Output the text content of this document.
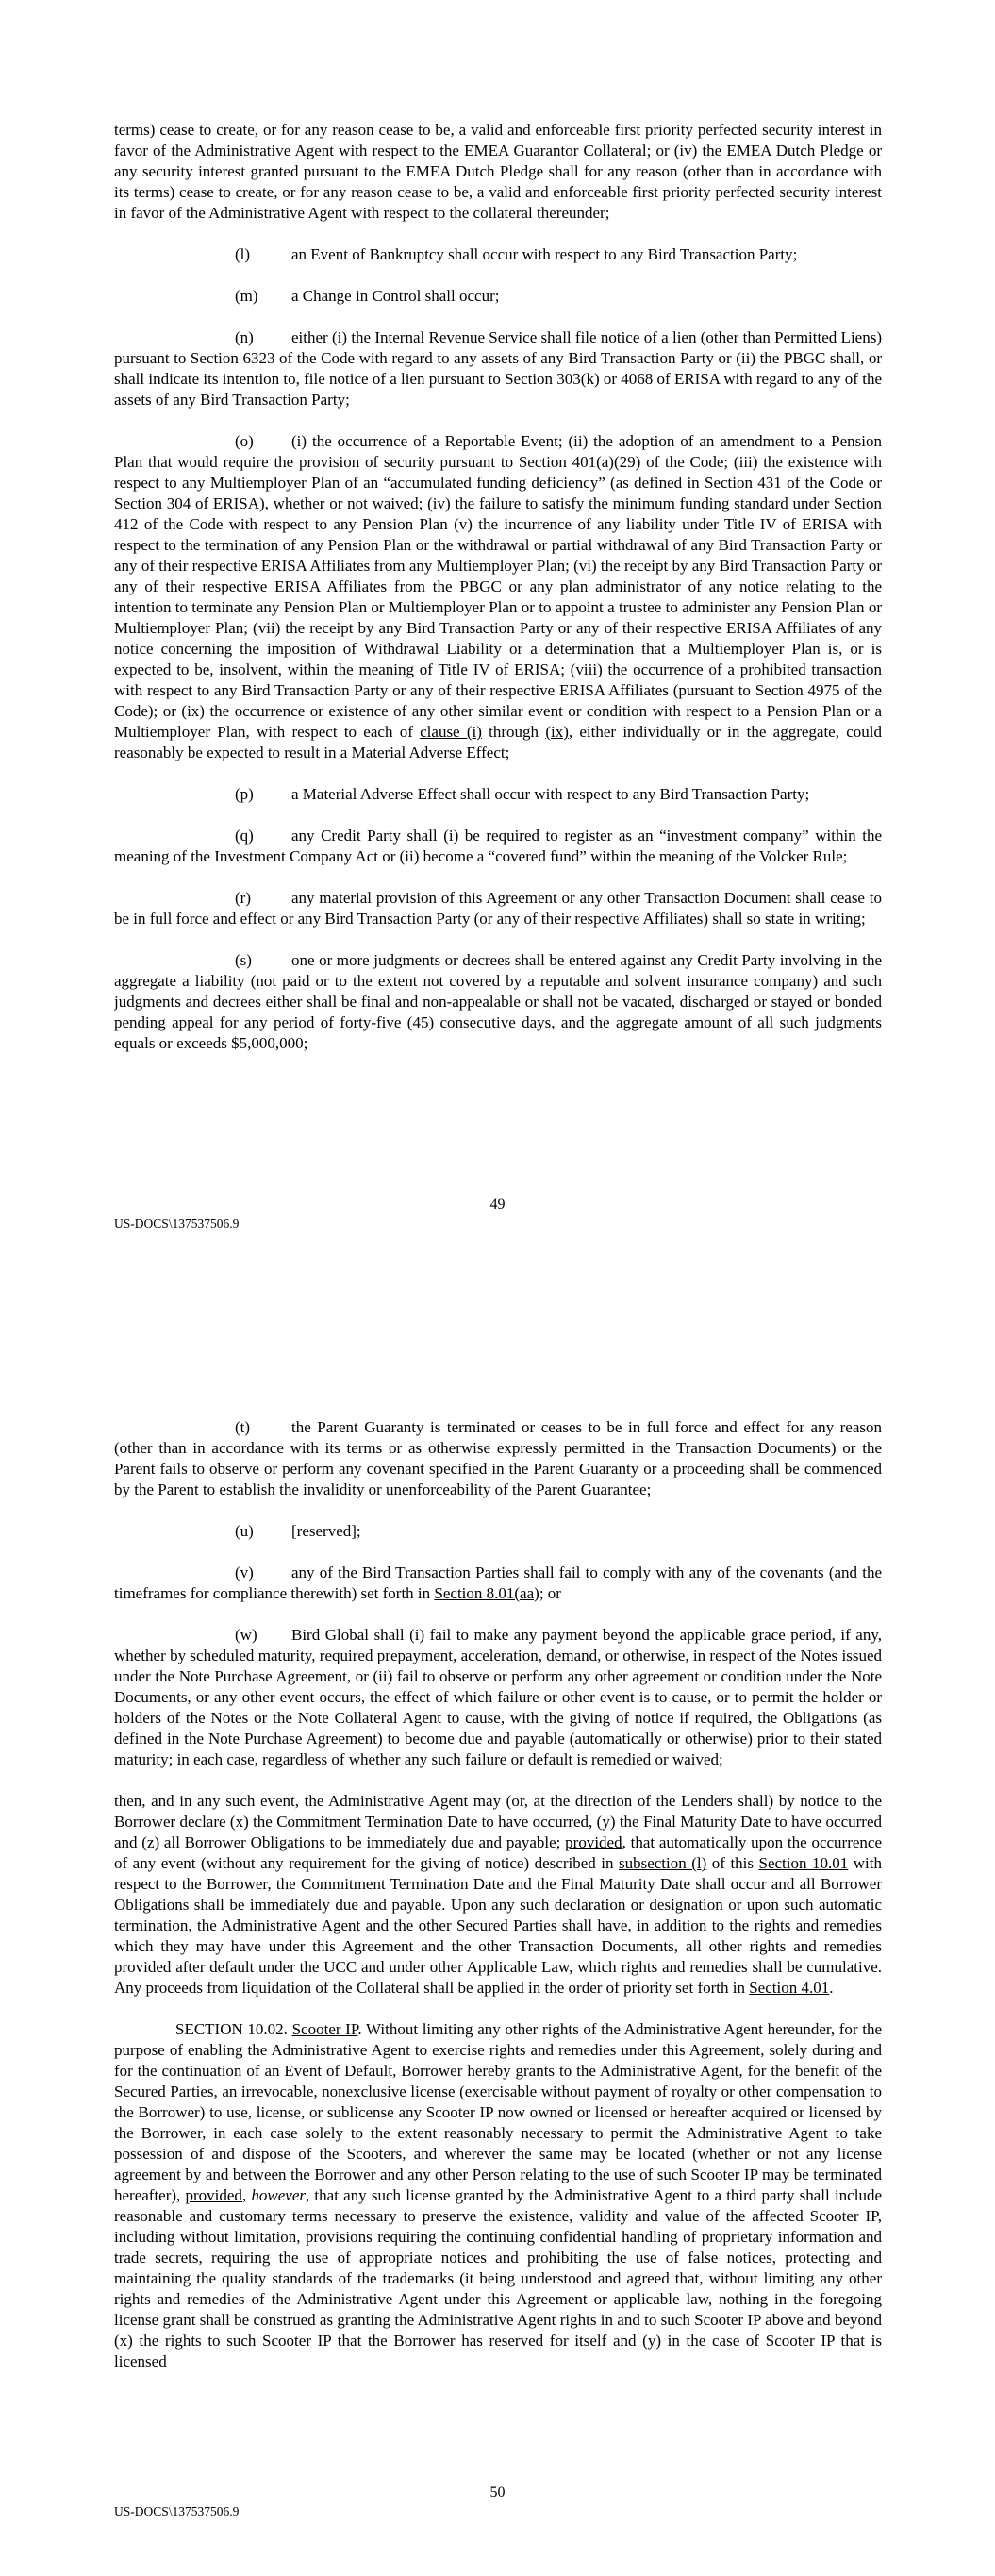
terms) cease to create, or for any reason cease to be, a valid and enforceable first priority perfected security interest in favor of the Administrative Agent with respect to the EMEA Guarantor Collateral; or (iv) the EMEA Dutch Pledge or any security interest granted pursuant to the EMEA Dutch Pledge shall for any reason (other than in accordance with its terms) cease to create, or for any reason cease to be, a valid and enforceable first priority perfected security interest in favor of the Administrative Agent with respect to the collateral thereunder;

(l)	an Event of Bankruptcy shall occur with respect to any Bird Transaction Party;

(m) a Change in Control shall occur;

(n) either (i) the Internal Revenue Service shall file notice of a lien (other than Permitted Liens) pursuant to Section 6323 of the Code with regard to any assets of any Bird Transaction Party or (ii) the PBGC shall, or shall indicate its intention to, file notice of a lien pursuant to Section 303(k) or 4068 of ERISA with regard to any of the assets of any Bird Transaction Party;

(o) (i) the occurrence of a Reportable Event; (ii) the adoption of an amendment to a Pension Plan that would require the provision of security pursuant to Section 401(a)(29) of the Code; (iii) the existence with respect to any Multiemployer Plan of an “accumulated funding deficiency” (as defined in Section 431 of the Code or Section 304 of ERISA), whether or not waived; (iv) the failure to satisfy the minimum funding standard under Section 412 of the Code with respect to any Pension Plan (v) the incurrence of any liability under Title IV of ERISA with respect to the termination of any Pension Plan or the withdrawal or partial withdrawal of any Bird Transaction Party or any of their respective ERISA Affiliates from any Multiemployer Plan; (vi) the receipt by any Bird Transaction Party or any of their respective ERISA Affiliates from the PBGC or any plan administrator of any notice relating to the intention to terminate any Pension Plan or Multiemployer Plan or to appoint a trustee to administer any Pension Plan or Multiemployer Plan; (vii) the receipt by any Bird Transaction Party or any of their respective ERISA Affiliates of any notice concerning the imposition of Withdrawal Liability or a determination that a Multiemployer Plan is, or is expected to be, insolvent, within the meaning of Title IV of ERISA; (viii) the occurrence of a prohibited transaction with respect to any Bird Transaction Party or any of their respective ERISA Affiliates (pursuant to Section 4975 of the Code); or (ix) the occurrence or existence of any other similar event or condition with respect to a Pension Plan or a Multiemployer Plan, with respect to each of clause (i) through (ix), either individually or in the aggregate, could reasonably be expected to result in a Material Adverse Effect;

(p) a Material Adverse Effect shall occur with respect to any Bird Transaction Party;

(q) any Credit Party shall (i) be required to register as an “investment company” within the meaning of the Investment Company Act or (ii) become a “covered fund” within the meaning of the Volcker Rule;

(r)	any material provision of this Agreement or any other Transaction Document shall cease to be in full force and effect or any Bird Transaction Party (or any of their respective Affiliates) shall so state in writing;

(s) one or more judgments or decrees shall be entered against any Credit Party involving in the aggregate a liability (not paid or to the extent not covered by a reputable and solvent insurance company) and such judgments and decrees either shall be final and non-appealable or shall not be vacated, discharged or stayed or bonded pending appeal for any period of forty-five (45) consecutive days, and the aggregate amount of all such judgments equals or exceeds $5,000,000;

49
US-DOCS\137537506.9

(t)	the Parent Guaranty is terminated or ceases to be in full force and effect for any reason (other than in accordance with its terms or as otherwise expressly permitted in the Transaction Documents) or the Parent fails to observe or perform any covenant specified in the Parent Guaranty or a proceeding shall be commenced by the Parent to establish the invalidity or unenforceability of the Parent Guarantee;

(u) [reserved];

(v) any of the Bird Transaction Parties shall fail to comply with any of the covenants (and the timeframes for compliance therewith) set forth in Section 8.01(aa); or

(w) Bird Global shall (i) fail to make any payment beyond the applicable grace period, if any, whether by scheduled maturity, required prepayment, acceleration, demand, or otherwise, in respect of the Notes issued under the Note Purchase Agreement, or (ii) fail to observe or perform any other agreement or condition under the Note Documents, or any other event occurs, the effect of which failure or other event is to cause, or to permit the holder or holders of the Notes or the Note Collateral Agent to cause, with the giving of notice if required, the Obligations (as defined in the Note Purchase Agreement) to become due and payable (automatically or otherwise) prior to their stated maturity; in each case, regardless of whether any such failure or default is remedied or waived;

then, and in any such event, the Administrative Agent may (or, at the direction of the Lenders shall) by notice to the Borrower declare (x) the Commitment Termination Date to have occurred, (y) the Final Maturity Date to have occurred and (z) all Borrower Obligations to be immediately due and payable; provided, that automatically upon the occurrence of any event (without any requirement for the giving of notice) described in subsection (l) of this Section 10.01 with respect to the Borrower, the Commitment Termination Date and the Final Maturity Date shall occur and all Borrower Obligations shall be immediately due and payable. Upon any such declaration or designation or upon such automatic termination, the Administrative Agent and the other Secured Parties shall have, in addition to the rights and remedies which they may have under this Agreement and the other Transaction Documents, all other rights and remedies provided after default under the UCC and under other Applicable Law, which rights and remedies shall be cumulative. Any proceeds from liquidation of the Collateral shall be applied in the order of priority set forth in Section 4.01.

SECTION 10.02. Scooter IP. Without limiting any other rights of the Administrative Agent hereunder, for the purpose of enabling the Administrative Agent to exercise rights and remedies under this Agreement, solely during and for the continuation of an Event of Default, Borrower hereby grants to the Administrative Agent, for the benefit of the Secured Parties, an irrevocable, nonexclusive license (exercisable without payment of royalty or other compensation to the Borrower) to use, license, or sublicense any Scooter IP now owned or licensed or hereafter acquired or licensed by the Borrower, in each case solely to the extent reasonably necessary to permit the Administrative Agent to take possession of and dispose of the Scooters, and wherever the same may be located (whether or not any license agreement by and between the Borrower and any other Person relating to the use of such Scooter IP may be terminated hereafter), provided, however, that any such license granted by the Administrative Agent to a third party shall include reasonable and customary terms necessary to preserve the existence, validity and value of the affected Scooter IP, including without limitation, provisions requiring the continuing confidential handling of proprietary information and trade secrets, requiring the use of appropriate notices and prohibiting the use of false notices, protecting and maintaining the quality standards of the trademarks (it being understood and agreed that, without limiting any other rights and remedies of the Administrative Agent under this Agreement or applicable law, nothing in the foregoing license grant shall be construed as granting the Administrative Agent rights in and to such Scooter IP above and beyond (x) the rights to such Scooter IP that the Borrower has reserved for itself and (y) in the case of Scooter IP that is licensed

50
US-DOCS\137537506.9
